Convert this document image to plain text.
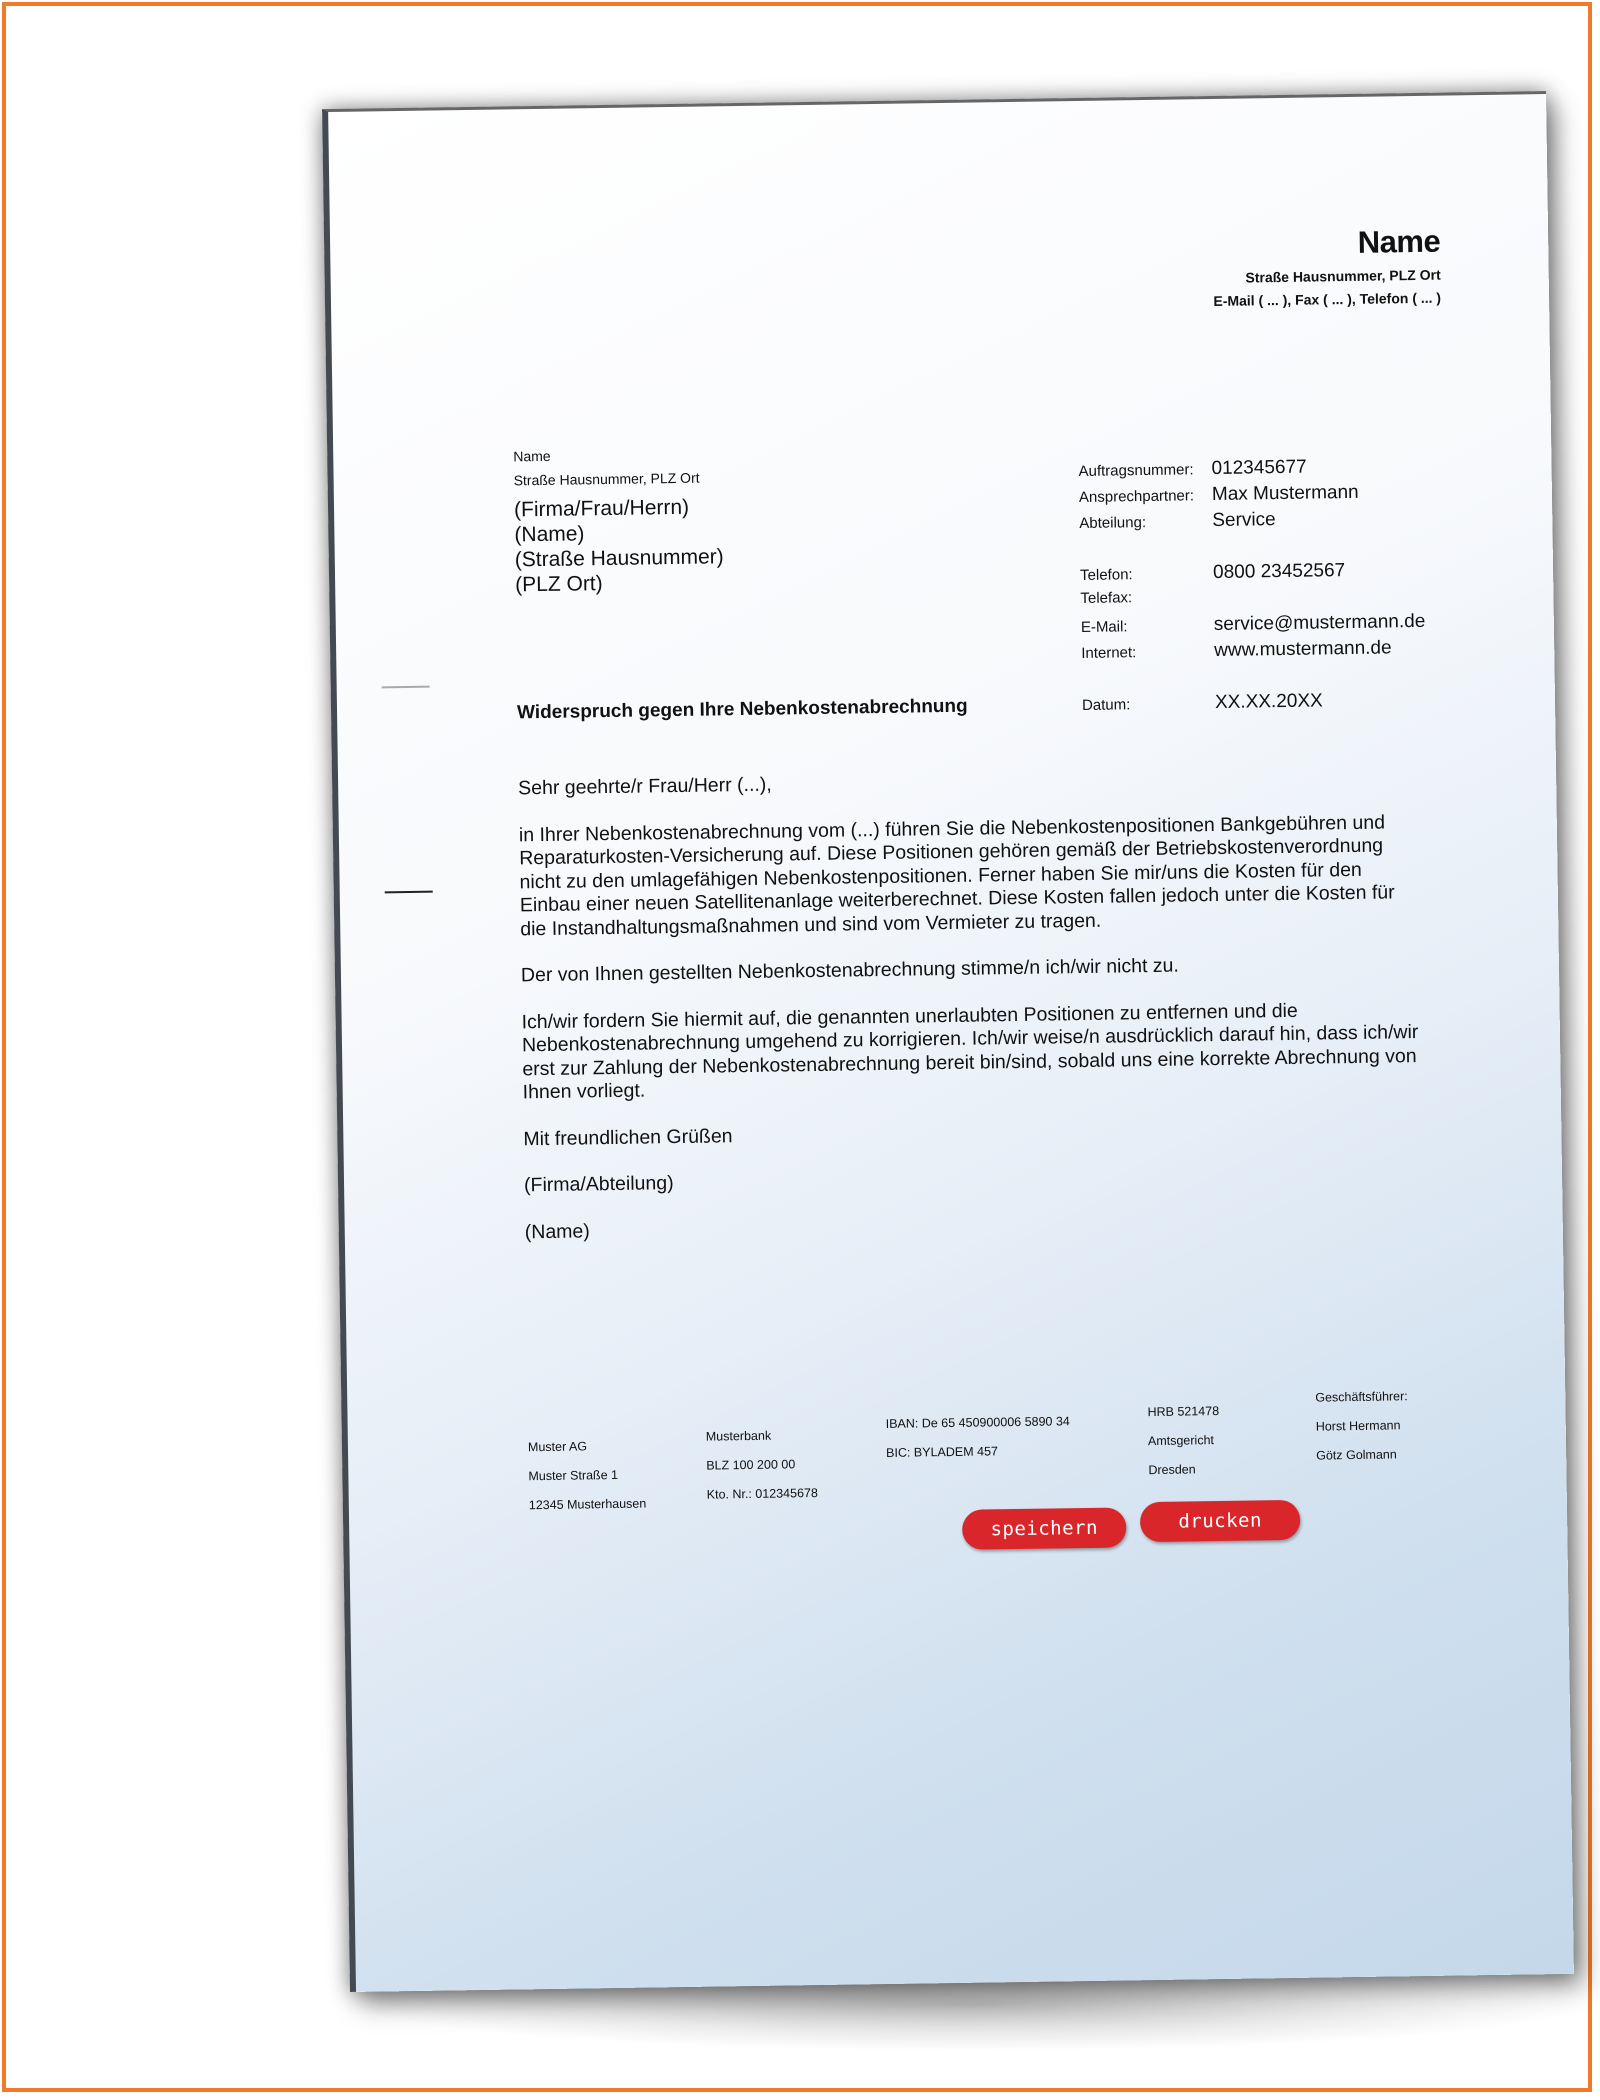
Name
Straße Hausnummer, PLZ Ort
E-Mail ( ... ), Fax ( ... ), Telefon ( ... )
Name
Straße Hausnummer, PLZ Ort
(Firma/Frau/Herrn)
(Name)
(Straße Hausnummer)
(PLZ Ort)
Auftragsnummer:	012345677
Ansprechpartner:	Max Mustermann
Abteilung:	Service

Telefon:	0800 23452567
Telefax:	
E-Mail:	service@mustermann.de
Internet:	www.mustermann.de

Datum:	XX.XX.20XX
Widerspruch gegen Ihre Nebenkostenabrechnung

Sehr geehrte/r Frau/Herr (...),

in Ihrer Nebenkostenabrechnung vom (...) führen Sie die Nebenkostenpositionen Bankgebühren und Reparaturkosten-Versicherung auf. Diese Positionen gehören gemäß der Betriebskostenverordnung nicht zu den umlagefähigen Nebenkostenpositionen. Ferner haben Sie mir/uns die Kosten für den Einbau einer neuen Satellitenanlage weiterberechnet. Diese Kosten fallen jedoch unter die Kosten für die Instandhaltungsmaßnahmen und sind vom Vermieter zu tragen.

Der von Ihnen gestellten Nebenkostenabrechnung stimme/n ich/wir nicht zu.

Ich/wir fordern Sie hiermit auf, die genannten unerlaubten Positionen zu entfernen und die Nebenkostenabrechnung umgehend zu korrigieren. Ich/wir weise/n ausdrücklich darauf hin, dass ich/wir erst zur Zahlung der Nebenkostenabrechnung bereit bin/sind, sobald uns eine korrekte Abrechnung von Ihnen vorliegt.

Mit freundlichen Grüßen

(Firma/Abteilung)

(Name)

Muster AG
Muster Straße 1
12345 Musterhausen
Musterbank
BLZ 100 200 00
Kto. Nr.: 012345678
IBAN: De 65 450900006 5890 34
BIC: BYLADEM 457
HRB 521478
Amtsgericht
Dresden
Geschäftsführer:
Horst Hermann
Götz Golmann
speichern	drucken
